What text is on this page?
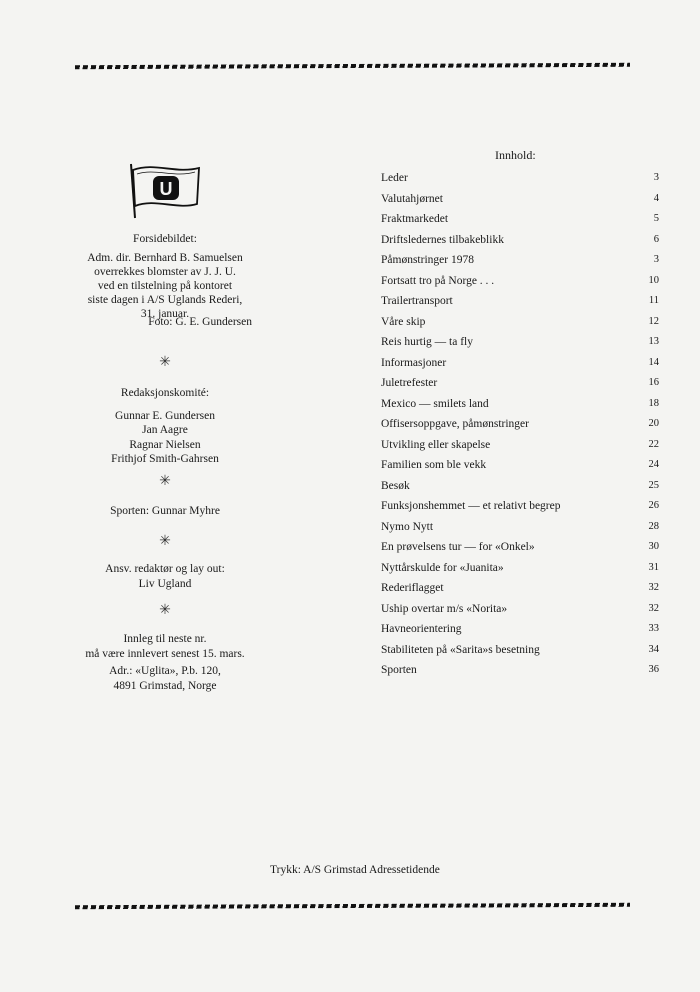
U
Forsidebildet:
Adm. dir. Bernhard B. Samuelsen
overrekkes blomster av J. J. U.
ved en tilstelning på kontoret
siste dagen i A/S Uglands Rederi,
31. januar.
Foto: G. E. Gundersen
✳
Redaksjonskomité:
Gunnar E. Gundersen
Jan Aagre
Ragnar Nielsen
Frithjof Smith-Gahrsen
✳
Sporten: Gunnar Myhre
✳
Ansv. redaktør og lay out:
Liv Ugland
✳
Innleg til neste nr.
må være innlevert senest 15. mars.
Adr.: «Uglita», P.b. 120,
4891 Grimstad, Norge
Innhold:
Leder	3
Valutahjørnet	4
Fraktmarkedet	5
Driftsledernes tilbakeblikk	6
Påmønstringer 1978	3
Fortsatt tro på Norge . . .	10
Trailertransport	11
Våre skip	12
Reis hurtig — ta fly	13
Informasjoner	14
Juletrefester	16
Mexico — smilets land	18
Offisersoppgave, påmønstringer	20
Utvikling eller skapelse	22
Familien som ble vekk	24
Besøk	25
Funksjonshemmet — et relativt begrep	26
Nymo Nytt	28
En prøvelsens tur — for «Onkel»	30
Nyttårskulde for «Juanita»	31
Rederiflagget	32
Uship overtar m/s «Norita»	32
Havneorientering	33
Stabiliteten på «Sarita»s besetning	34
Sporten	36
Trykk: A/S Grimstad Adressetidende
